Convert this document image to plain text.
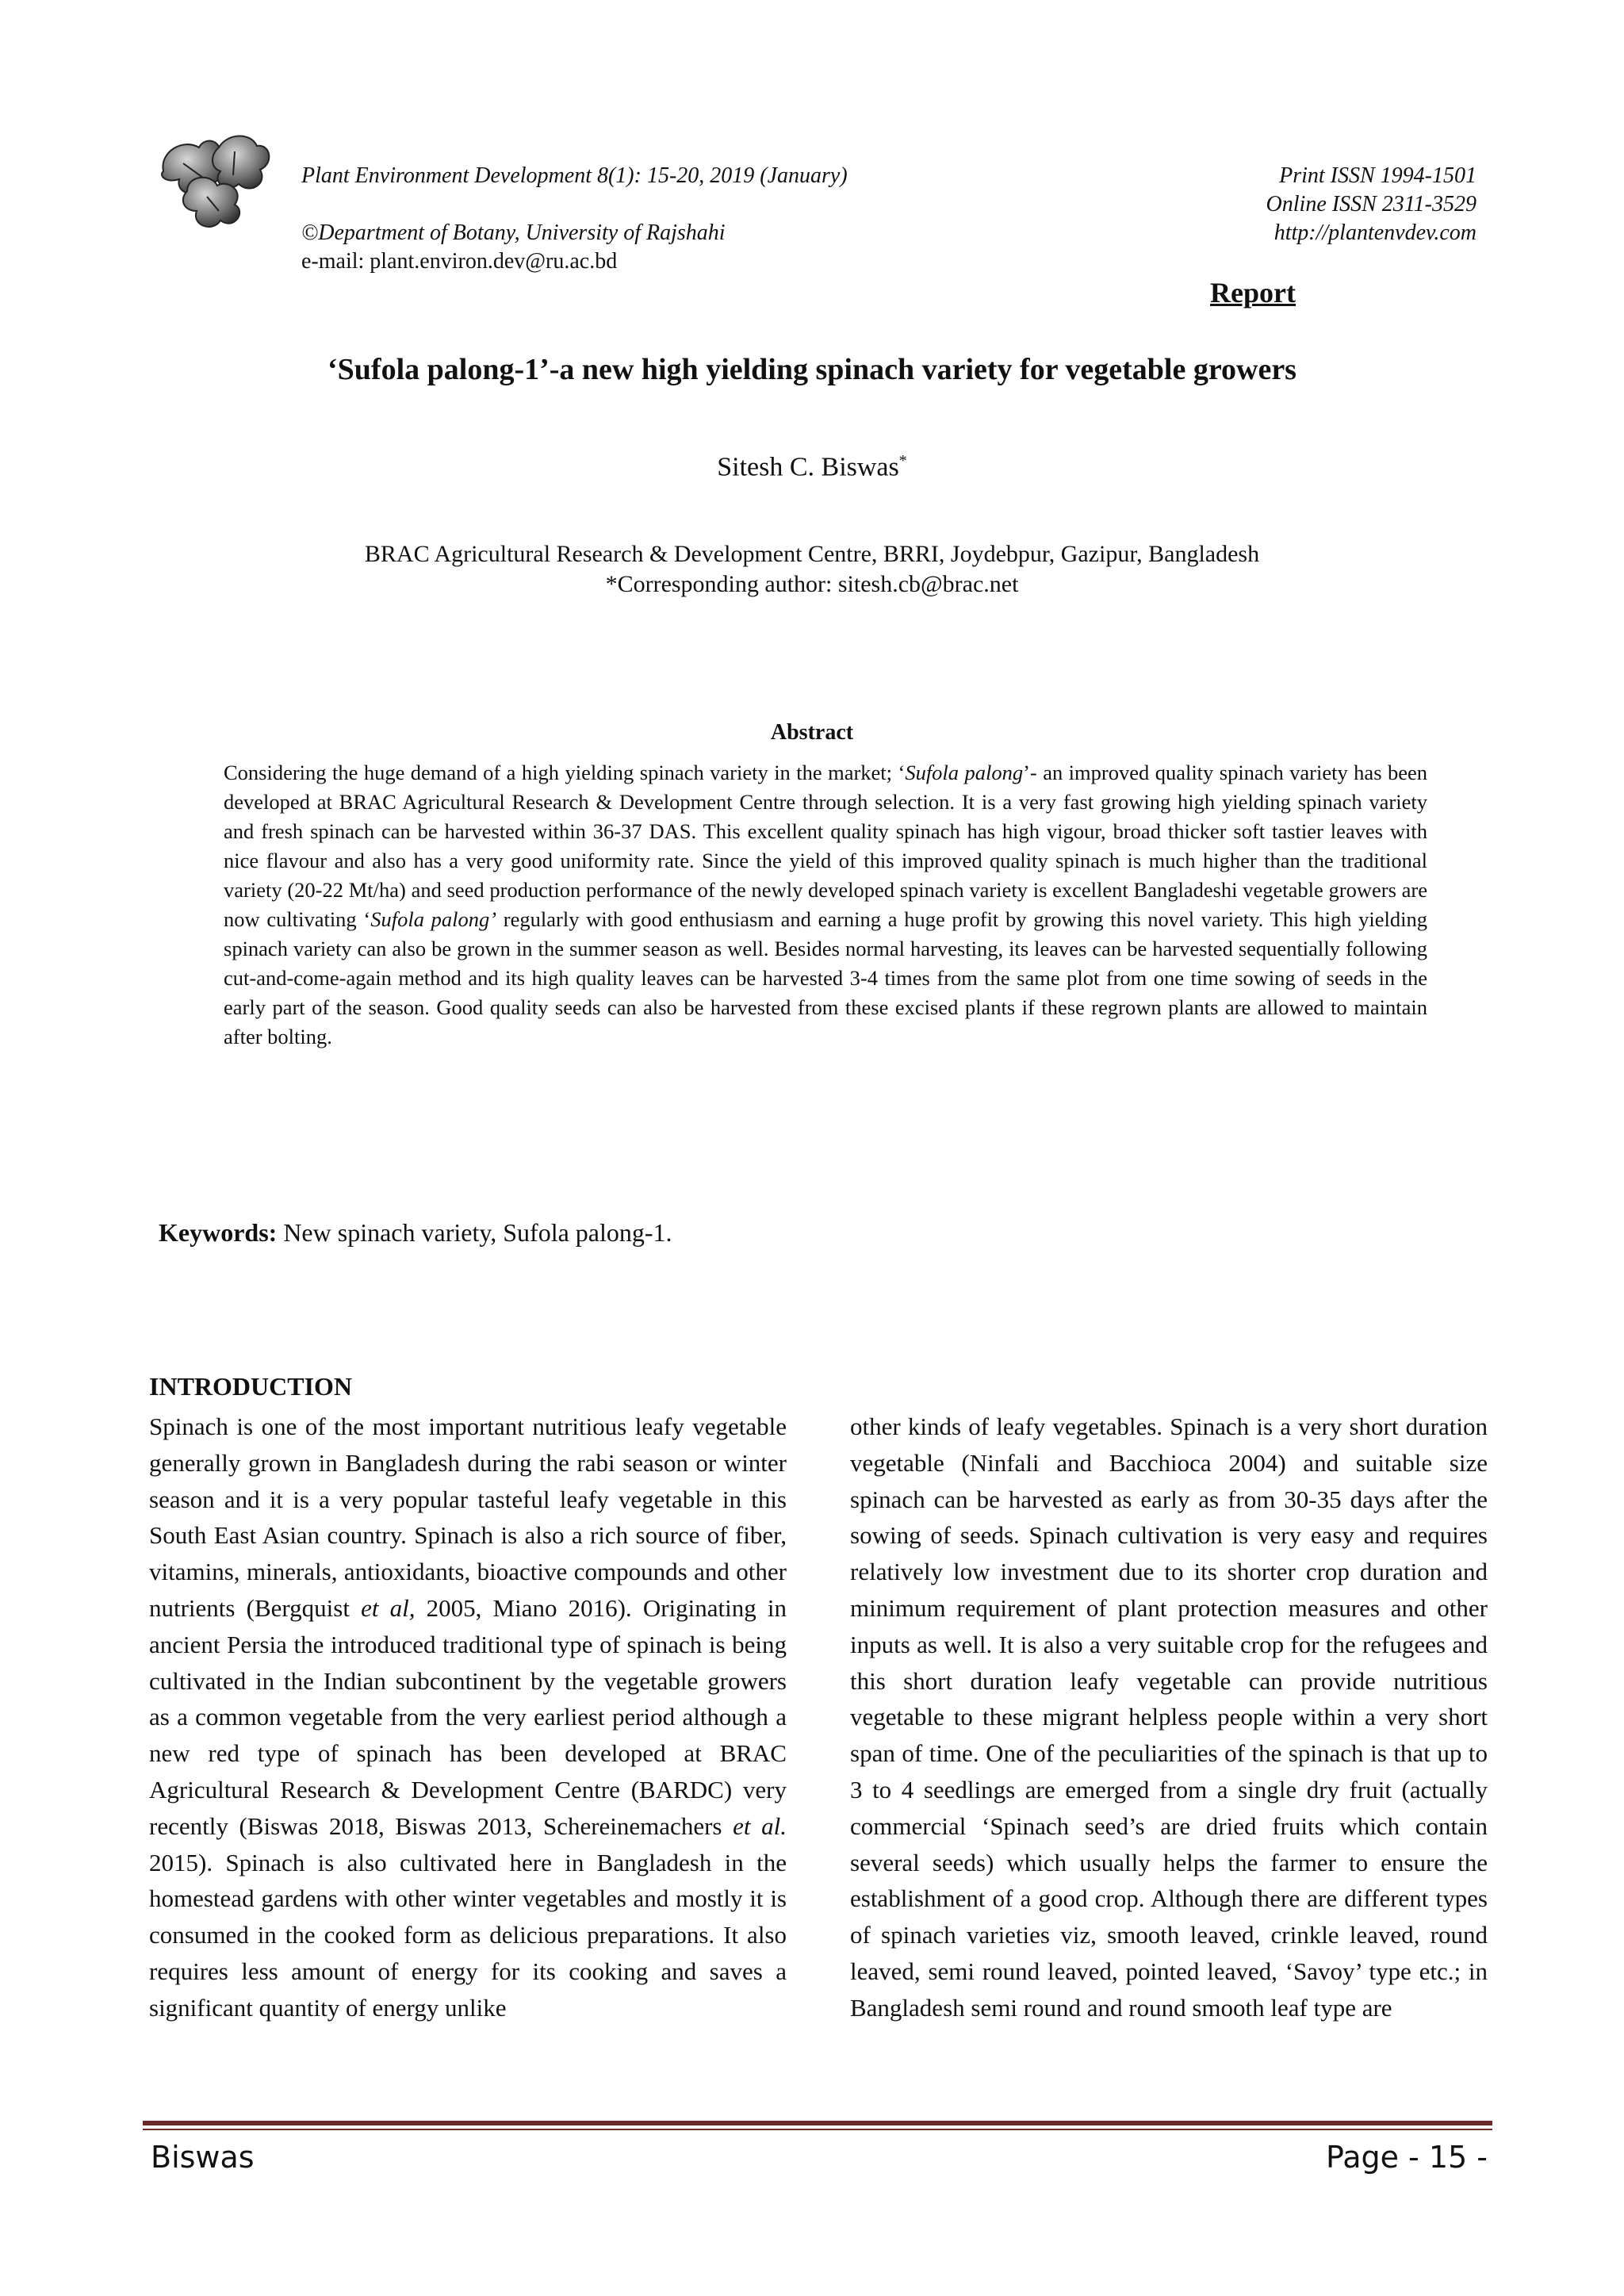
Plant Environment Development 8(1): 15-20, 2019 (January)	Print ISSN 1994-1501
Online ISSN 2311-3529
©Department of Botany, University of Rajshahi	http://plantenvdev.com
e-mail: plant.environ.dev@ru.ac.bd
Report
‘Sufola palong-1’-a new high yielding spinach variety for vegetable growers
Sitesh C. Biswas*
BRAC Agricultural Research & Development Centre, BRRI, Joydebpur, Gazipur, Bangladesh
*Corresponding author: sitesh.cb@brac.net
Abstract
Considering the huge demand of a high yielding spinach variety in the market; ‘Sufola palong’- an improved quality spinach variety has been developed at BRAC Agricultural Research & Development Centre through selection. It is a very fast growing high yielding spinach variety and fresh spinach can be harvested within 36-37 DAS. This excellent quality spinach has high vigour, broad thicker soft tastier leaves with nice flavour and also has a very good uniformity rate. Since the yield of this improved quality spinach is much higher than the traditional variety (20-22 Mt/ha) and seed production performance of the newly developed spinach variety is excellent Bangladeshi vegetable growers are now cultivating ‘Sufola palong’ regularly with good enthusiasm and earning a huge profit by growing this novel variety. This high yielding spinach variety can also be grown in the summer season as well. Besides normal harvesting, its leaves can be harvested sequentially following cut-and-come-again method and its high quality leaves can be harvested 3-4 times from the same plot from one time sowing of seeds in the early part of the season. Good quality seeds can also be harvested from these excised plants if these regrown plants are allowed to maintain after bolting.
Keywords: New spinach variety, Sufola palong-1.
INTRODUCTION
Spinach is one of the most important nutritious leafy vegetable generally grown in Bangladesh during the rabi season or winter season and it is a very popular tasteful leafy vegetable in this South East Asian country. Spinach is also a rich source of fiber, vitamins, minerals, antioxidants, bioactive compounds and other nutrients (Bergquist et al, 2005, Miano 2016). Originating in ancient Persia the introduced traditional type of spinach is being cultivated in the Indian subcontinent by the vegetable growers as a common vegetable from the very earliest period although a new red type of spinach has been developed at BRAC Agricultural Research & Development Centre (BARDC) very recently (Biswas 2018, Biswas 2013, Schereinemachers et al. 2015). Spinach is also cultivated here in Bangladesh in the homestead gardens with other winter vegetables and mostly it is consumed in the cooked form as delicious preparations. It also requires less amount of energy for its cooking and saves a significant quantity of energy unlike
other kinds of leafy vegetables. Spinach is a very short duration vegetable (Ninfali and Bacchioca 2004) and suitable size spinach can be harvested as early as from 30-35 days after the sowing of seeds. Spinach cultivation is very easy and requires relatively low investment due to its shorter crop duration and minimum requirement of plant protection measures and other inputs as well. It is also a very suitable crop for the refugees and this short duration leafy vegetable can provide nutritious vegetable to these migrant helpless people within a very short span of time. One of the peculiarities of the spinach is that up to 3 to 4 seedlings are emerged from a single dry fruit (actually commercial ‘Spinach seed’s are dried fruits which contain several seeds) which usually helps the farmer to ensure the establishment of a good crop. Although there are different types of spinach varieties viz, smooth leaved, crinkle leaved, round leaved, semi round leaved, pointed leaved, ‘Savoy’ type etc.; in Bangladesh semi round and round smooth leaf type are
Biswas	Page - 15 -
